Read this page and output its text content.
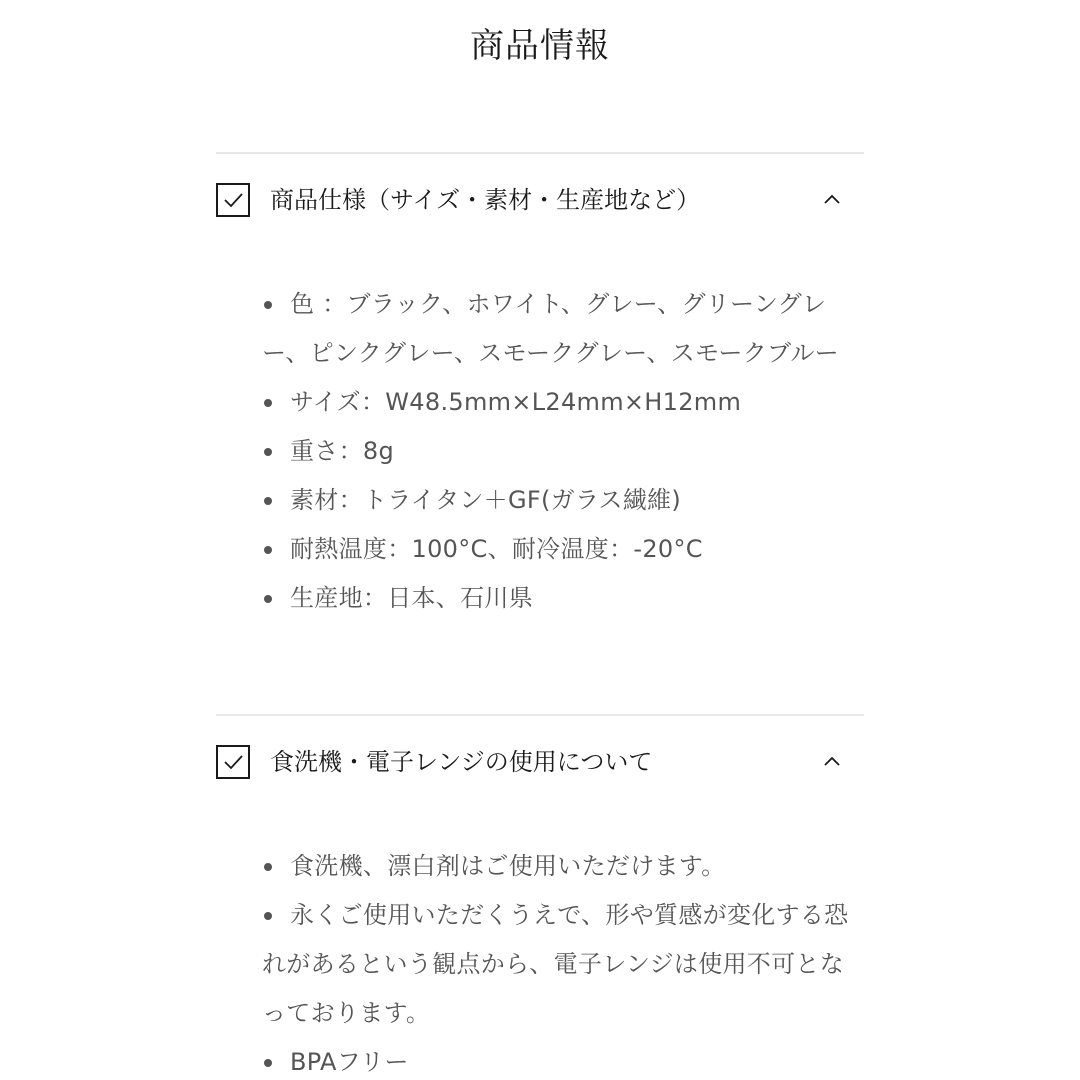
商品情報
商品仕様（サイズ・素材・生産地など）
色 ：ブラック、ホワイト、グレー、グリーングレー、ピンクグレー、スモークグレー、スモークブルー
サイズ：W48.5mm×L24mm×H12mm
重さ：8g
素材：トライタン＋GF(ガラス繊維)
耐熱温度：100°C、耐冷温度：-20°C
生産地：日本、石川県
食洗機・電子レンジの使用について
食洗機、漂白剤はご使用いただけます。
永くご使用いただくうえで、形や質感が変化する恐れがあるという観点から、電子レンジは使用不可となっております。
BPAフリー
